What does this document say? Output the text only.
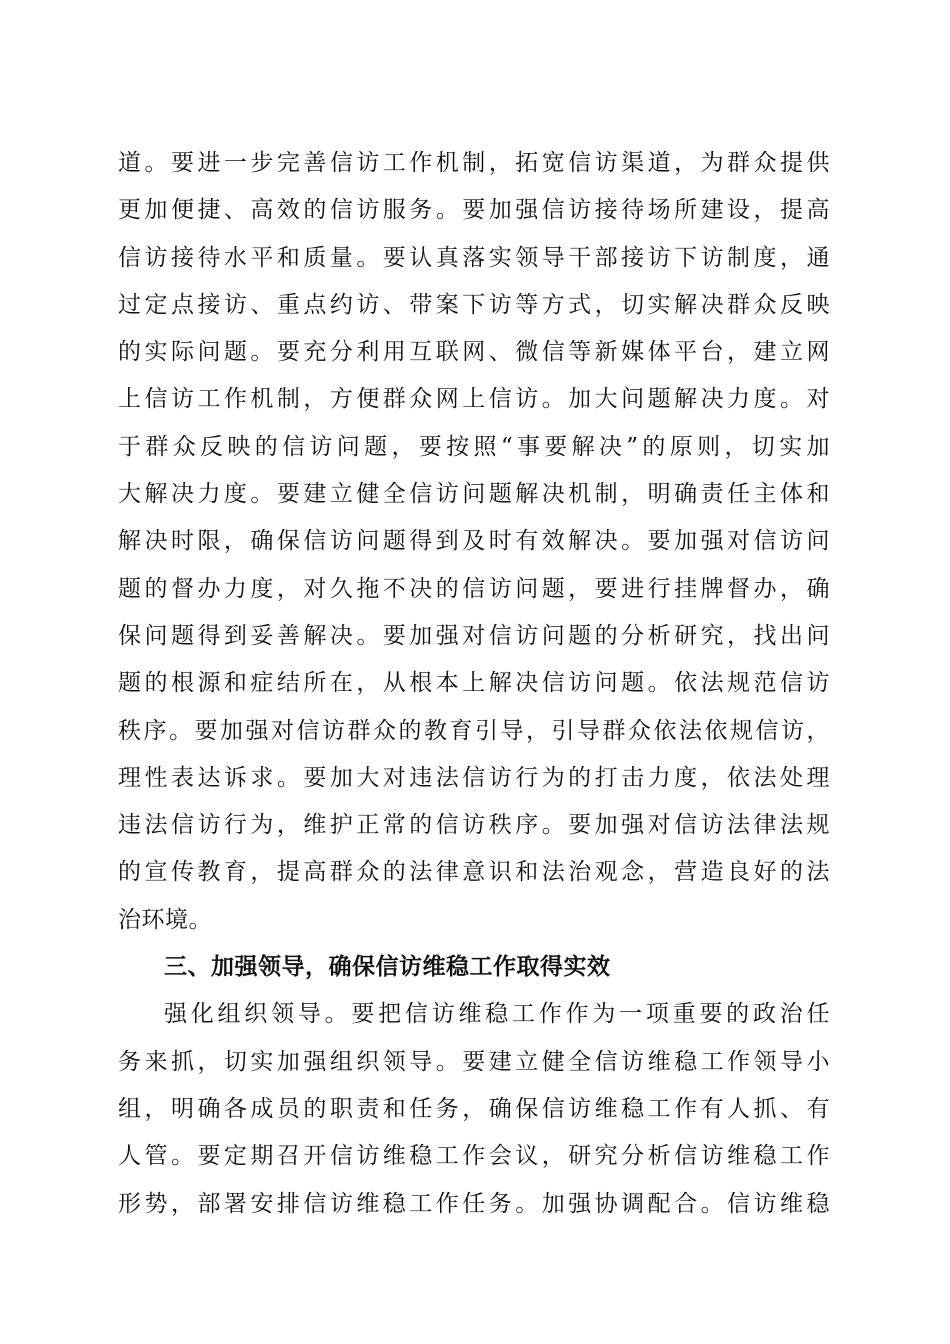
道。要进一步完善信访工作机制，拓宽信访渠道，为群众提供
更加便捷、高效的信访服务。要加强信访接待场所建设，提高
信访接待水平和质量。要认真落实领导干部接访下访制度，通
过定点接访、重点约访、带案下访等方式，切实解决群众反映
的实际问题。要充分利用互联网、微信等新媒体平台，建立网
上信访工作机制，方便群众网上信访。加大问题解决力度。对
于群众反映的信访问题，要按照“事要解决”的原则，切实加
大解决力度。要建立健全信访问题解决机制，明确责任主体和
解决时限，确保信访问题得到及时有效解决。要加强对信访问
题的督办力度，对久拖不决的信访问题，要进行挂牌督办，确
保问题得到妥善解决。要加强对信访问题的分析研究，找出问
题的根源和症结所在，从根本上解决信访问题。依法规范信访
秩序。要加强对信访群众的教育引导，引导群众依法依规信访，
理性表达诉求。要加大对违法信访行为的打击力度，依法处理
违法信访行为，维护正常的信访秩序。要加强对信访法律法规
的宣传教育，提高群众的法律意识和法治观念，营造良好的法
治环境。
三、加强领导，确保信访维稳工作取得实效
强化组织领导。要把信访维稳工作作为一项重要的政治任
务来抓，切实加强组织领导。要建立健全信访维稳工作领导小
组，明确各成员的职责和任务，确保信访维稳工作有人抓、有
人管。要定期召开信访维稳工作会议，研究分析信访维稳工作
形势，部署安排信访维稳工作任务。加强协调配合。信访维稳
